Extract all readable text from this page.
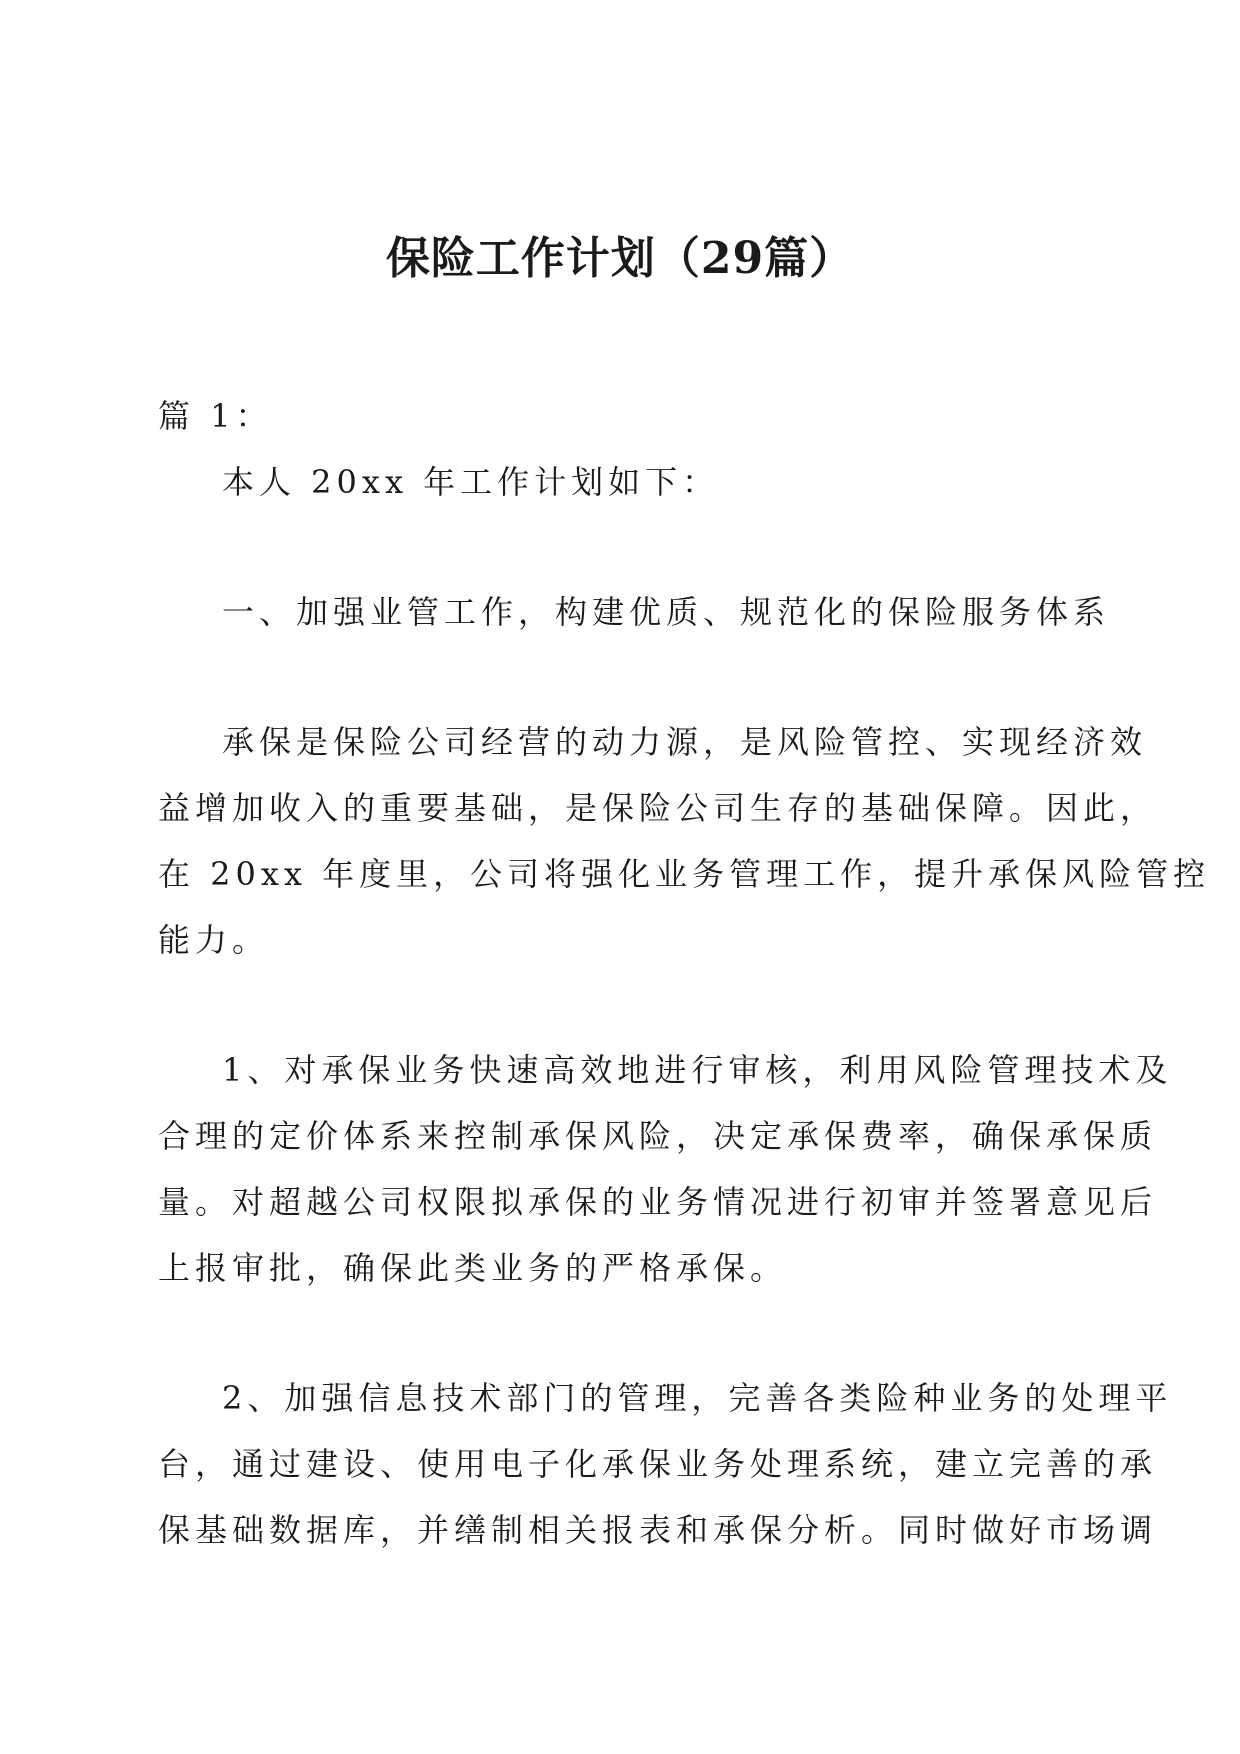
保险工作计划（29篇）

篇 1：

本人 20xx 年工作计划如下：

一、加强业管工作，构建优质、规范化的保险服务体系

承保是保险公司经营的动力源，是风险管控、实现经济效

益增加收入的重要基础，是保险公司生存的基础保障。因此，

在 20xx 年度里，公司将强化业务管理工作，提升承保风险管控

能力。

1、对承保业务快速高效地进行审核，利用风险管理技术及

合理的定价体系来控制承保风险，决定承保费率，确保承保质

量。对超越公司权限拟承保的业务情况进行初审并签署意见后

上报审批，确保此类业务的严格承保。

2、加强信息技术部门的管理，完善各类险种业务的处理平

台，通过建设、使用电子化承保业务处理系统，建立完善的承

保基础数据库，并缮制相关报表和承保分析。同时做好市场调
